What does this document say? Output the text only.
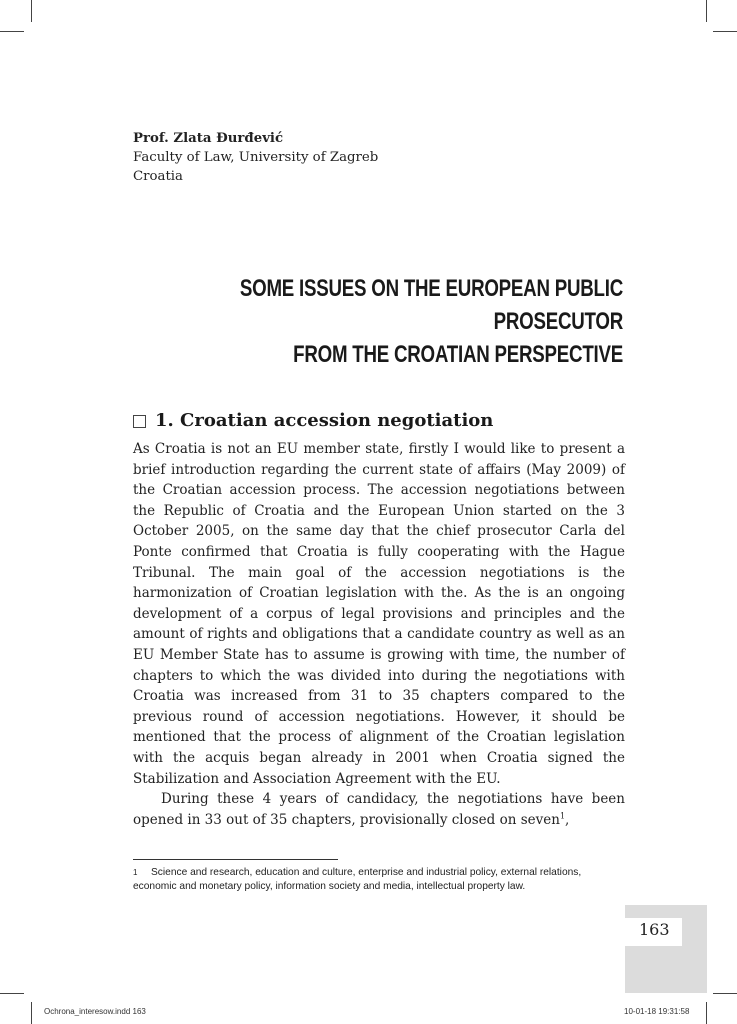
Prof. Zlata Đurđević
Faculty of Law, University of Zagreb
Croatia
SOME ISSUES ON THE EUROPEAN PUBLIC PROSECUTOR
FROM THE CROATIAN PERSPECTIVE
1. Croatian accession negotiation

As Croatia is not an EU member state, firstly I would like to present a brief introduction regarding the current state of affairs (May 2009) of the Croatian accession process. The accession negotiations between the Republic of Croatia and the European Union started on the 3 October 2005, on the same day that the chief prosecutor Carla del Ponte confirmed that Croatia is fully cooperating with the Hague Tribunal. The main goal of the accession negotiations is the harmonization of Croatian legislation with the. As the is an ongoing development of a corpus of legal provisions and principles and the amount of rights and obligations that a candidate country as well as an EU Member State has to assume is growing with time, the number of chapters to which the was divided into during the negotiations with Croatia was increased from 31 to 35 chapters compared to the previous round of accession negotiations. However, it should be mentioned that the process of alignment of the Croatian legislation with the acquis began already in 2001 when Croatia signed the Stabilization and Association Agreement with the EU.

During these 4 years of candidacy, the negotiations have been opened in 33 out of 35 chapters, provisionally closed on seven$^1$,

1 Science and research, education and culture, enterprise and industrial policy, external relations, economic and monetary policy, information society and media, intellectual property law.
163
Ochrona_interesow.indd 163	10-01-18 19:31:58
